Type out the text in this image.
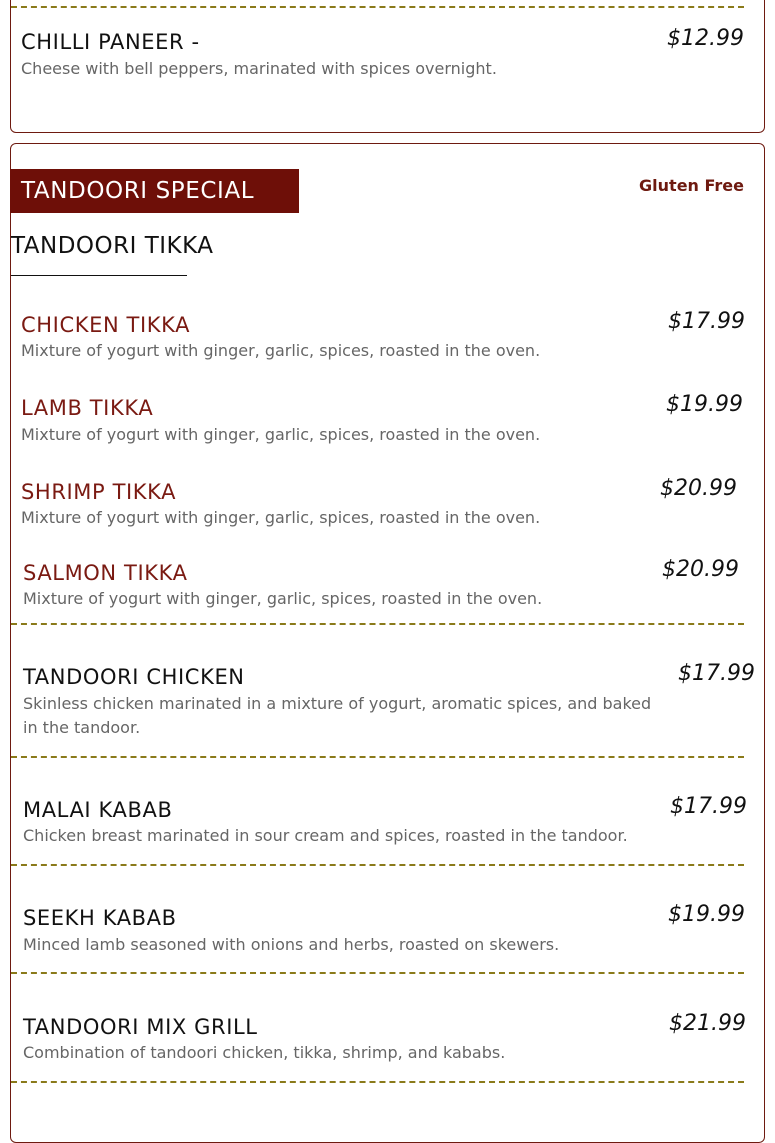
CHILLI PANEER -
Cheese with bell peppers, marinated with spices overnight.
$12.99
TANDOORI SPECIAL	Gluten Free
TANDOORI TIKKA
CHICKEN TIKKA
Mixture of yogurt with ginger, garlic, spices, roasted in the oven.
$17.99
LAMB TIKKA
Mixture of yogurt with ginger, garlic, spices, roasted in the oven.
$19.99
SHRIMP TIKKA
Mixture of yogurt with ginger, garlic, spices, roasted in the oven.
$20.99
SALMON TIKKA
Mixture of yogurt with ginger, garlic, spices, roasted in the oven.
$20.99
TANDOORI CHICKEN
Skinless chicken marinated in a mixture of yogurt, aromatic spices, and baked in the tandoor.
$17.99
MALAI KABAB
Chicken breast marinated in sour cream and spices, roasted in the tandoor.
$17.99
SEEKH KABAB
Minced lamb seasoned with onions and herbs, roasted on skewers.
$19.99
TANDOORI MIX GRILL
Combination of tandoori chicken, tikka, shrimp, and kababs.
$21.99
